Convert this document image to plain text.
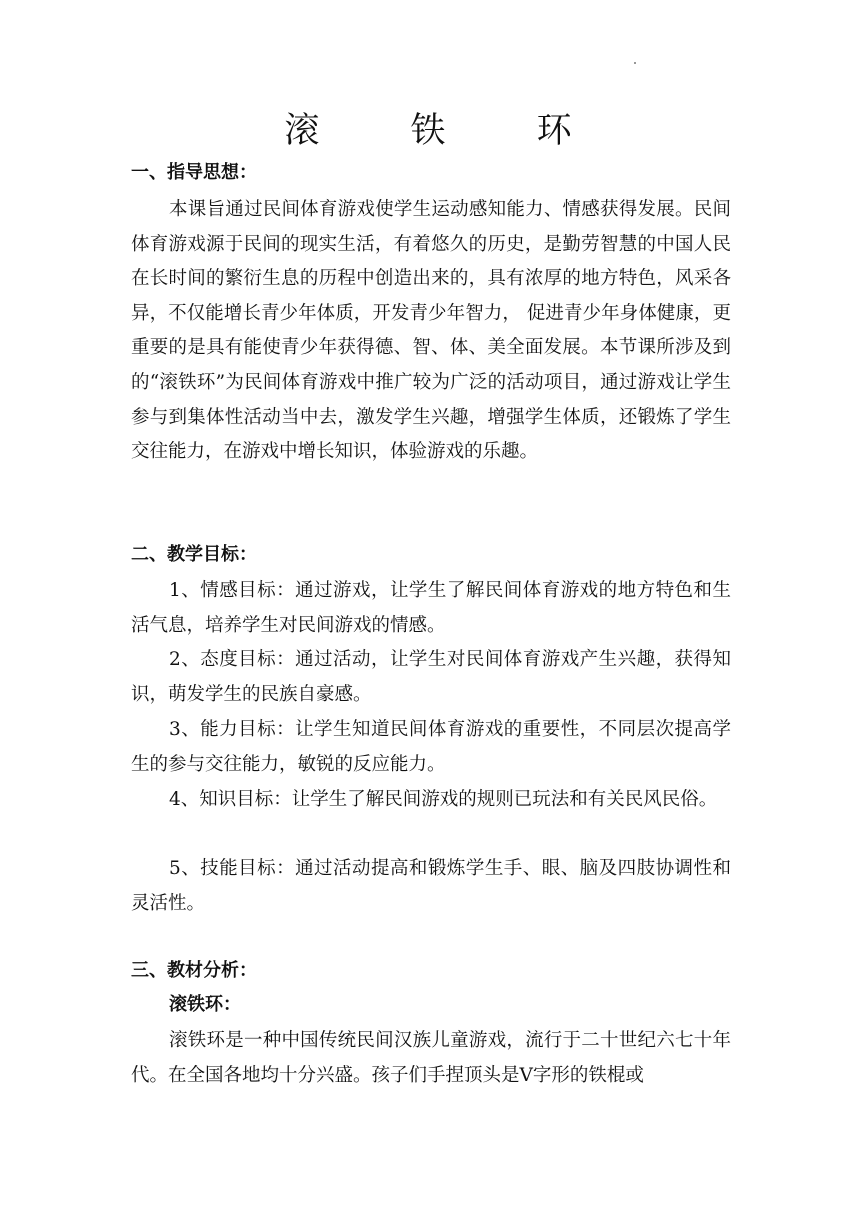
滚 铁 环
一、指导思想：

本课旨通过民间体育游戏使学生运动感知能力、情感获得发展。民间体育游戏源于民间的现实生活，有着悠久的历史，是勤劳智慧的中国人民在长时间的繁衍生息的历程中创造出来的，具有浓厚的地方特色，风采各异，不仅能增长青少年体质，开发青少年智力， 促进青少年身体健康，更重要的是具有能使青少年获得德、智、体、美全面发展。本节课所涉及到的“滚铁环”为民间体育游戏中推广较为广泛的活动项目，通过游戏让学生参与到集体性活动当中去，激发学生兴趣，增强学生体质，还锻炼了学生交往能力，在游戏中增长知识，体验游戏的乐趣。

二、教学目标：

1、情感目标：通过游戏，让学生了解民间体育游戏的地方特色和生活气息，培养学生对民间游戏的情感。

2、态度目标：通过活动，让学生对民间体育游戏产生兴趣，获得知识，萌发学生的民族自豪感。

3、能力目标：让学生知道民间体育游戏的重要性，不同层次提高学生的参与交往能力，敏锐的反应能力。

4、知识目标：让学生了解民间游戏的规则已玩法和有关民风民俗。

5、技能目标：通过活动提高和锻炼学生手、眼、脑及四肢协调性和灵活性。

三、教材分析：
滚铁环：

滚铁环是一种中国传统民间汉族儿童游戏，流行于二十世纪六七十年代。在全国各地均十分兴盛。孩子们手捏顶头是V字形的铁棍或
